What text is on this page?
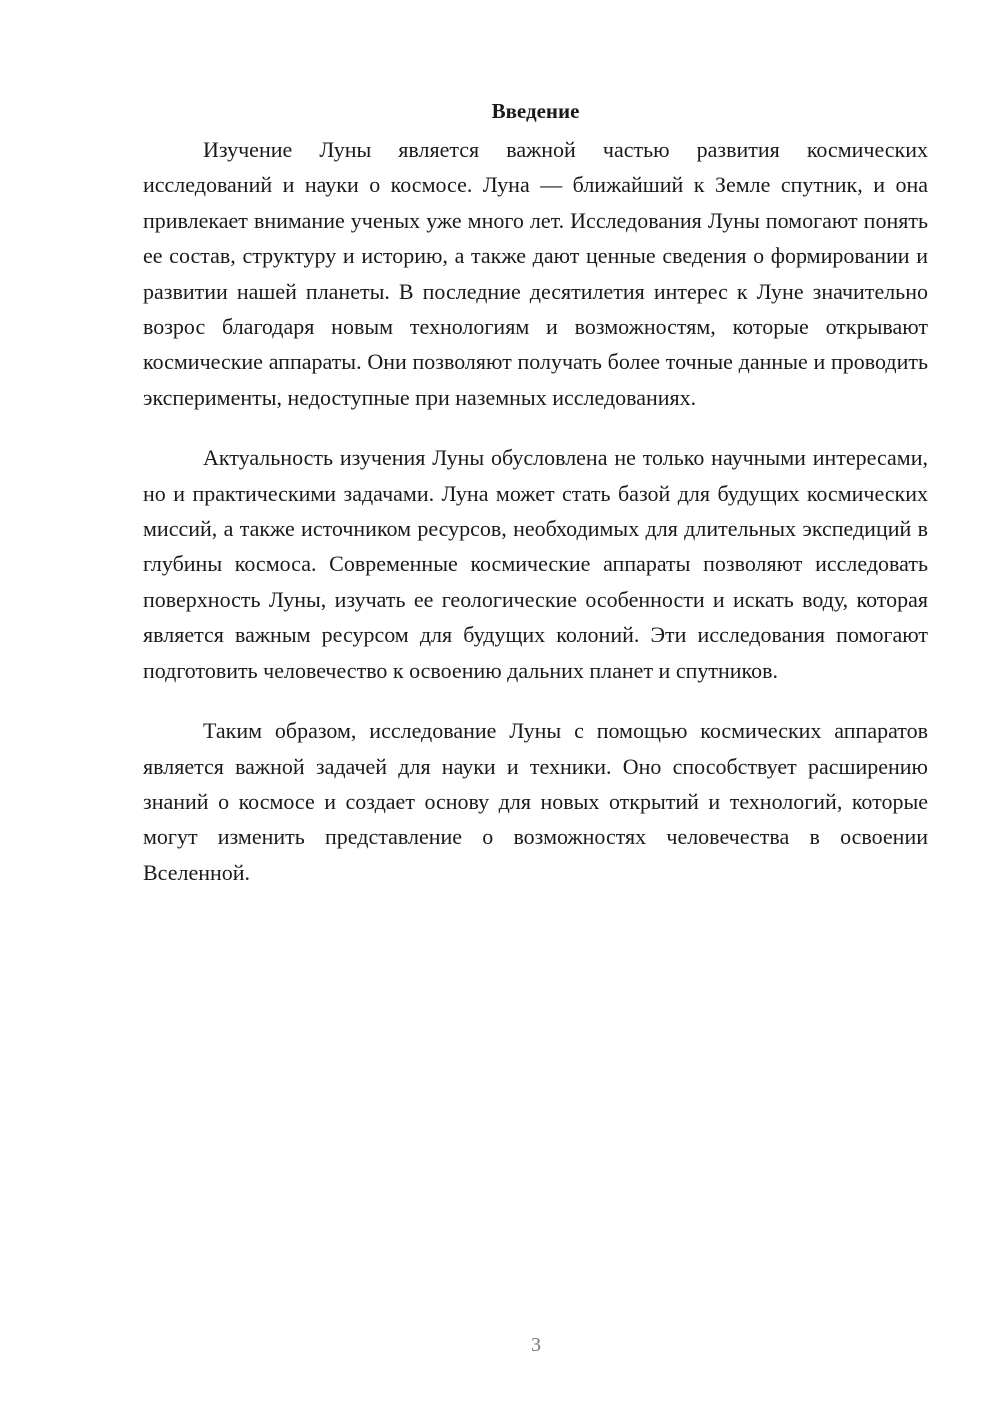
Введение

Изучение Луны является важной частью развития космических исследований и науки о космосе. Луна — ближайший к Земле спутник, и она привлекает внимание ученых уже много лет. Исследования Луны помогают понять ее состав, структуру и историю, а также дают ценные сведения о формировании и развитии нашей планеты. В последние десятилетия интерес к Луне значительно возрос благодаря новым технологиям и возможностям, которые открывают космические аппараты. Они позволяют получать более точные данные и проводить эксперименты, недоступные при наземных исследованиях.

Актуальность изучения Луны обусловлена не только научными интересами, но и практическими задачами. Луна может стать базой для будущих космических миссий, а также источником ресурсов, необходимых для длительных экспедиций в глубины космоса. Современные космические аппараты позволяют исследовать поверхность Луны, изучать ее геологические особенности и искать воду, которая является важным ресурсом для будущих колоний. Эти исследования помогают подготовить человечество к освоению дальних планет и спутников.

Таким образом, исследование Луны с помощью космических аппаратов является важной задачей для науки и техники. Оно способствует расширению знаний о космосе и создает основу для новых открытий и технологий, которые могут изменить представление о возможностях человечества в освоении Вселенной.

3
